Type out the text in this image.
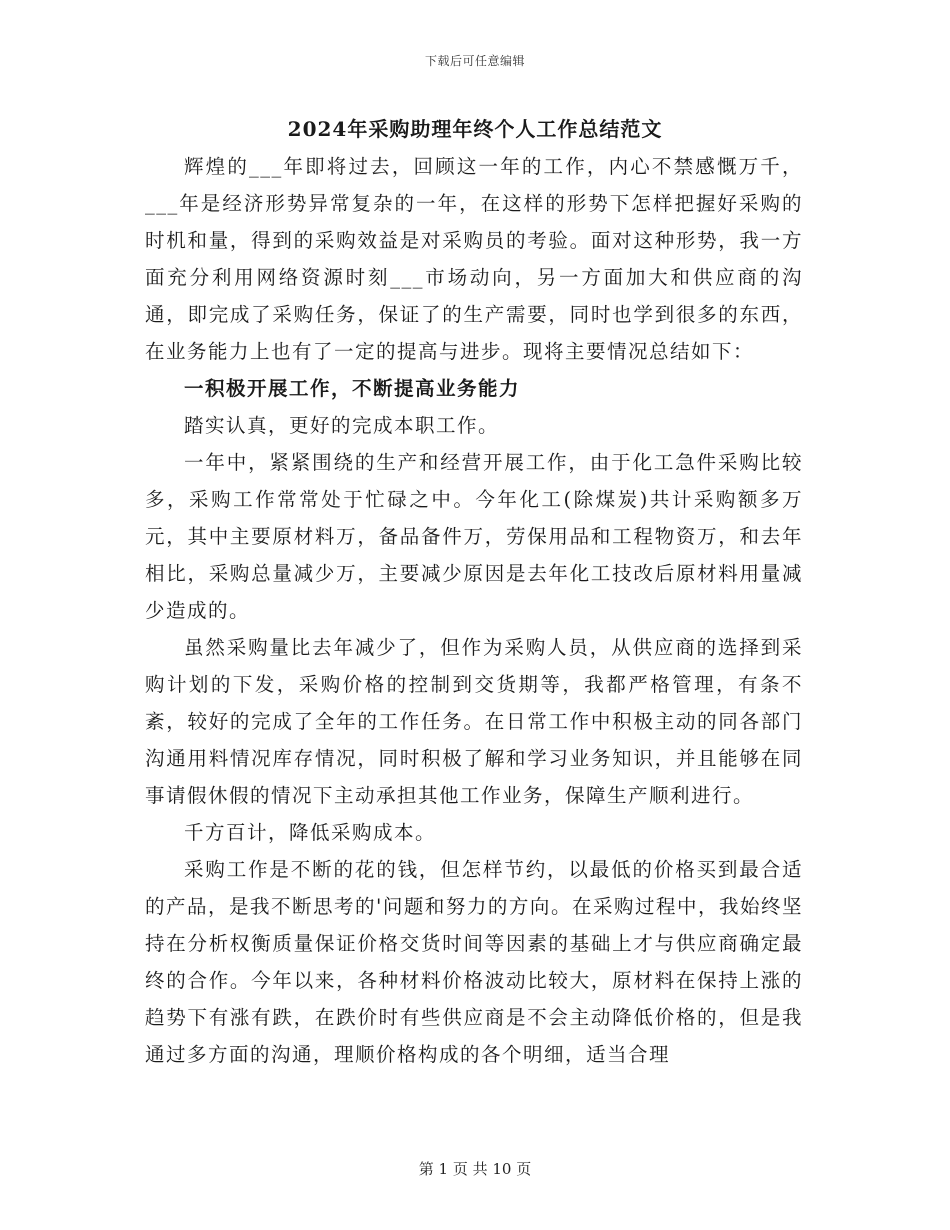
下载后可任意编辑
2024年采购助理年终个人工作总结范文

辉煌的___年即将过去，回顾这一年的工作，内心不禁感慨万千，___年是经济形势异常复杂的一年，在这样的形势下怎样把握好采购的时机和量，得到的采购效益是对采购员的考验。面对这种形势，我一方面充分利用网络资源时刻___市场动向，另一方面加大和供应商的沟通，即完成了采购任务，保证了的生产需要，同时也学到很多的东西，在业务能力上也有了一定的提高与进步。现将主要情况总结如下：

一积极开展工作，不断提高业务能力

踏实认真，更好的完成本职工作。

一年中，紧紧围绕的生产和经营开展工作，由于化工急件采购比较多，采购工作常常处于忙碌之中。今年化工(除煤炭)共计采购额多万元，其中主要原材料万，备品备件万，劳保用品和工程物资万，和去年相比，采购总量减少万，主要减少原因是去年化工技改后原材料用量减少造成的。

虽然采购量比去年减少了，但作为采购人员，从供应商的选择到采购计划的下发，采购价格的控制到交货期等，我都严格管理，有条不紊，较好的完成了全年的工作任务。在日常工作中积极主动的同各部门沟通用料情况库存情况，同时积极了解和学习业务知识，并且能够在同事请假休假的情况下主动承担其他工作业务，保障生产顺利进行。

千方百计，降低采购成本。

采购工作是不断的花的钱，但怎样节约，以最低的价格买到最合适的产品，是我不断思考的'问题和努力的方向。在采购过程中，我始终坚持在分析权衡质量保证价格交货时间等因素的基础上才与供应商确定最终的合作。今年以来，各种材料价格波动比较大，原材料在保持上涨的趋势下有涨有跌，在跌价时有些供应商是不会主动降低价格的，但是我通过多方面的沟通，理顺价格构成的各个明细，适当合理

第 1 页 共 10 页
